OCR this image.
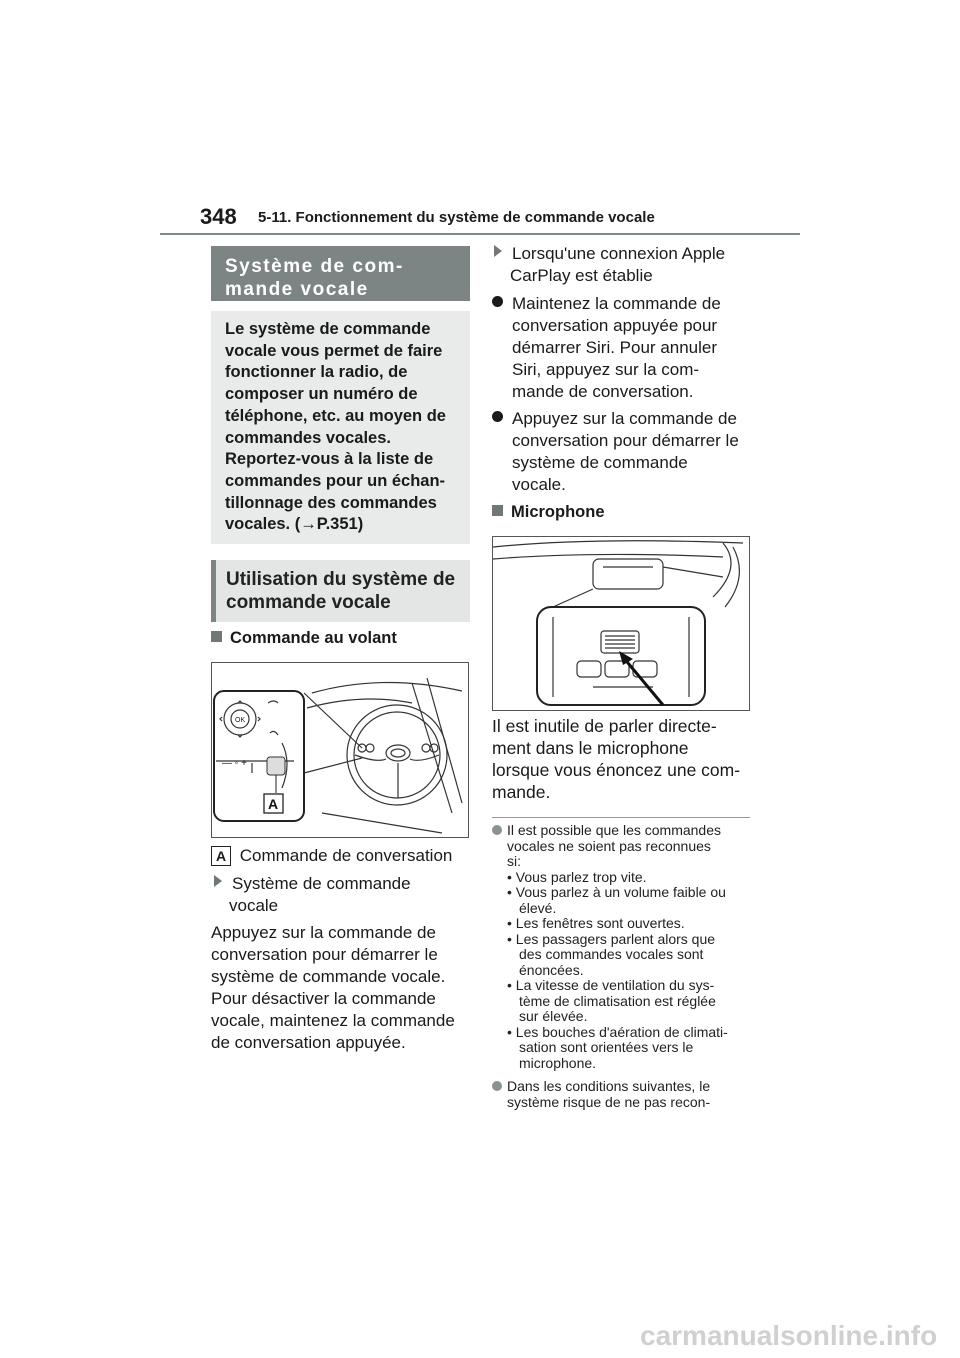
348 5-11. Fonctionnement du système de commande vocale
Système de com-
mande vocale
Le système de commande
vocale vous permet de faire
fonctionner la radio, de
composer un numéro de
téléphone, etc. au moyen de
commandes vocales.
Reportez-vous à la liste de
commandes pour un échan-
tillonnage des commandes
vocales. (→P.351)
Utilisation du système de commande vocale
Commande au volant
OK
— ◦ +
A
A Commande de conversation
Système de commande
vocale
Appuyez sur la commande de
conversation pour démarrer le
système de commande vocale.
Pour désactiver la commande
vocale, maintenez la commande
de conversation appuyée.
Lorsqu'une connexion Apple
CarPlay est établie
Maintenez la commande de
conversation appuyée pour
démarrer Siri. Pour annuler
Siri, appuyez sur la com-
mande de conversation.
Appuyez sur la commande de
conversation pour démarrer le
système de commande
vocale.
Microphone
Il est inutile de parler directe-
ment dans le microphone
lorsque vous énoncez une com-
mande.
Il est possible que les commandes
vocales ne soient pas reconnues
si:
• Vous parlez trop vite.
• Vous parlez à un volume faible ou
élevé.
• Les fenêtres sont ouvertes.
• Les passagers parlent alors que
des commandes vocales sont
énoncées.
• La vitesse de ventilation du sys-
tème de climatisation est réglée
sur élevée.
• Les bouches d'aération de climati-
sation sont orientées vers le
microphone.
Dans les conditions suivantes, le
système risque de ne pas recon-
carmanualsonline.info
